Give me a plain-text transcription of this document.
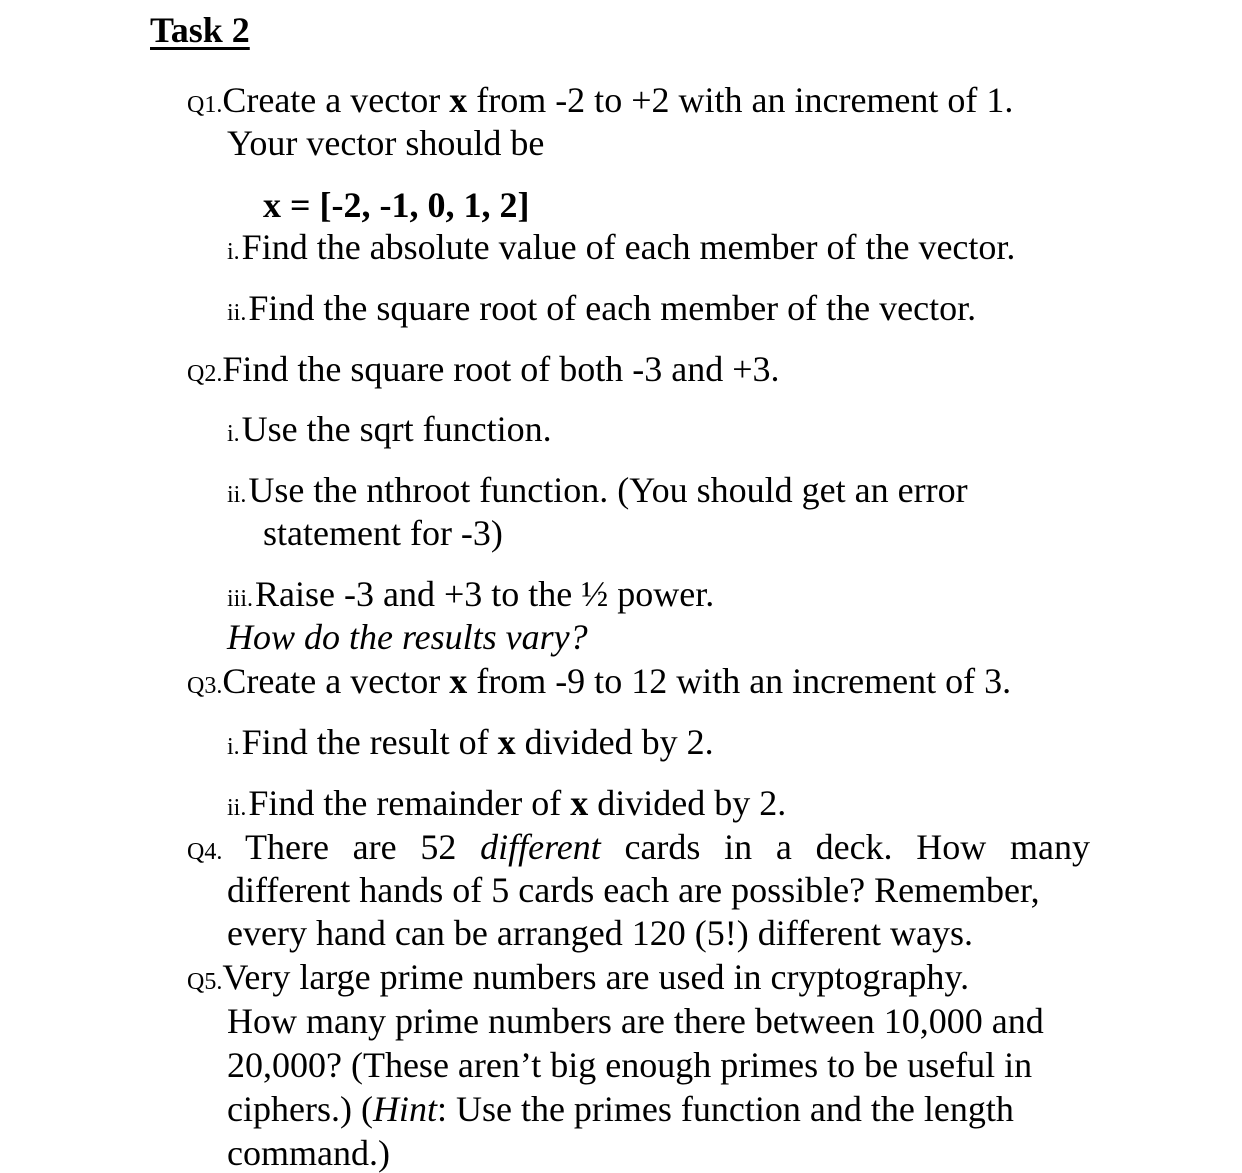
Task 2
Q1.Create a vector x from -2 to +2 with an increment of 1.
Your vector should be
x = [-2, -1, 0, 1, 2]
i.Find the absolute value of each member of the vector.
ii.Find the square root of each member of the vector.
Q2.Find the square root of both -3 and +3.
i.Use the sqrt function.
ii.Use the nthroot function. (You should get an error
statement for -3)
iii.Raise -3 and +3 to the ½ power.
How do the results vary?
Q3.Create a vector x from -9 to 12 with an increment of 3.
i.Find the result of x divided by 2.
ii.Find the remainder of x divided by 2.
Q4. There are 52 different cards in a deck. How many
different hands of 5 cards each are possible? Remember,
every hand can be arranged 120 (5!) different ways.
Q5.Very large prime numbers are used in cryptography.
How many prime numbers are there between 10,000 and
20,000? (These aren’t big enough primes to be useful in
ciphers.) (Hint: Use the primes function and the length
command.)
